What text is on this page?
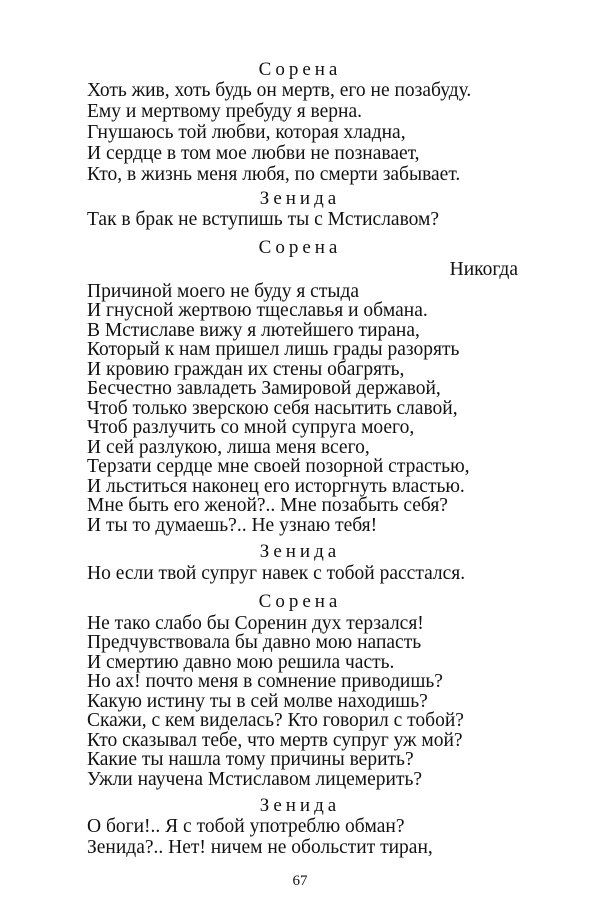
Сорена
Хоть жив, хоть будь он мертв, его не позабуду.
Ему и мертвому пребуду я верна.
Гнушаюсь той любви, которая хладна,
И сердце в том мое любви не познавает,
Кто, в жизнь меня любя, по смерти забывает.
Зенида
Так в брак не вступишь ты с Мстиславом?
Сорена
Никогда
Причиной моего не буду я стыда
И гнусной жертвою тщеславья и обмана.
В Мстиславе вижу я лютейшего тирана,
Который к нам пришел лишь грады разорять
И кровию граждан их стены обагрять,
Бесчестно завладеть Замировой державой,
Чтоб только зверскою себя насытить славой,
Чтоб разлучить со мной супруга моего,
И сей разлукою, лиша меня всего,
Терзати сердце мне своей позорной страстью,
И льститься наконец его исторгнуть властью.
Мне быть его женой?.. Мне позабыть себя?
И ты то думаешь?.. Не узнаю тебя!
Зенида
Но если твой супруг навек с тобой расстался.
Сорена
Не тако слабо бы Соренин дух терзался!
Предчувствовала бы давно мою напасть
И смертию давно мою решила часть.
Но ах! почто меня в сомнение приводишь?
Какую истину ты в сей молве находишь?
Скажи, с кем виделась? Кто говорил с тобой?
Кто сказывал тебе, что мертв супруг уж мой?
Какие ты нашла тому причины верить?
Ужли научена Мстиславом лицемерить?
Зенида
О боги!.. Я с тобой употреблю обман?
Зенида?.. Нет! ничем не обольстит тиран,
67
